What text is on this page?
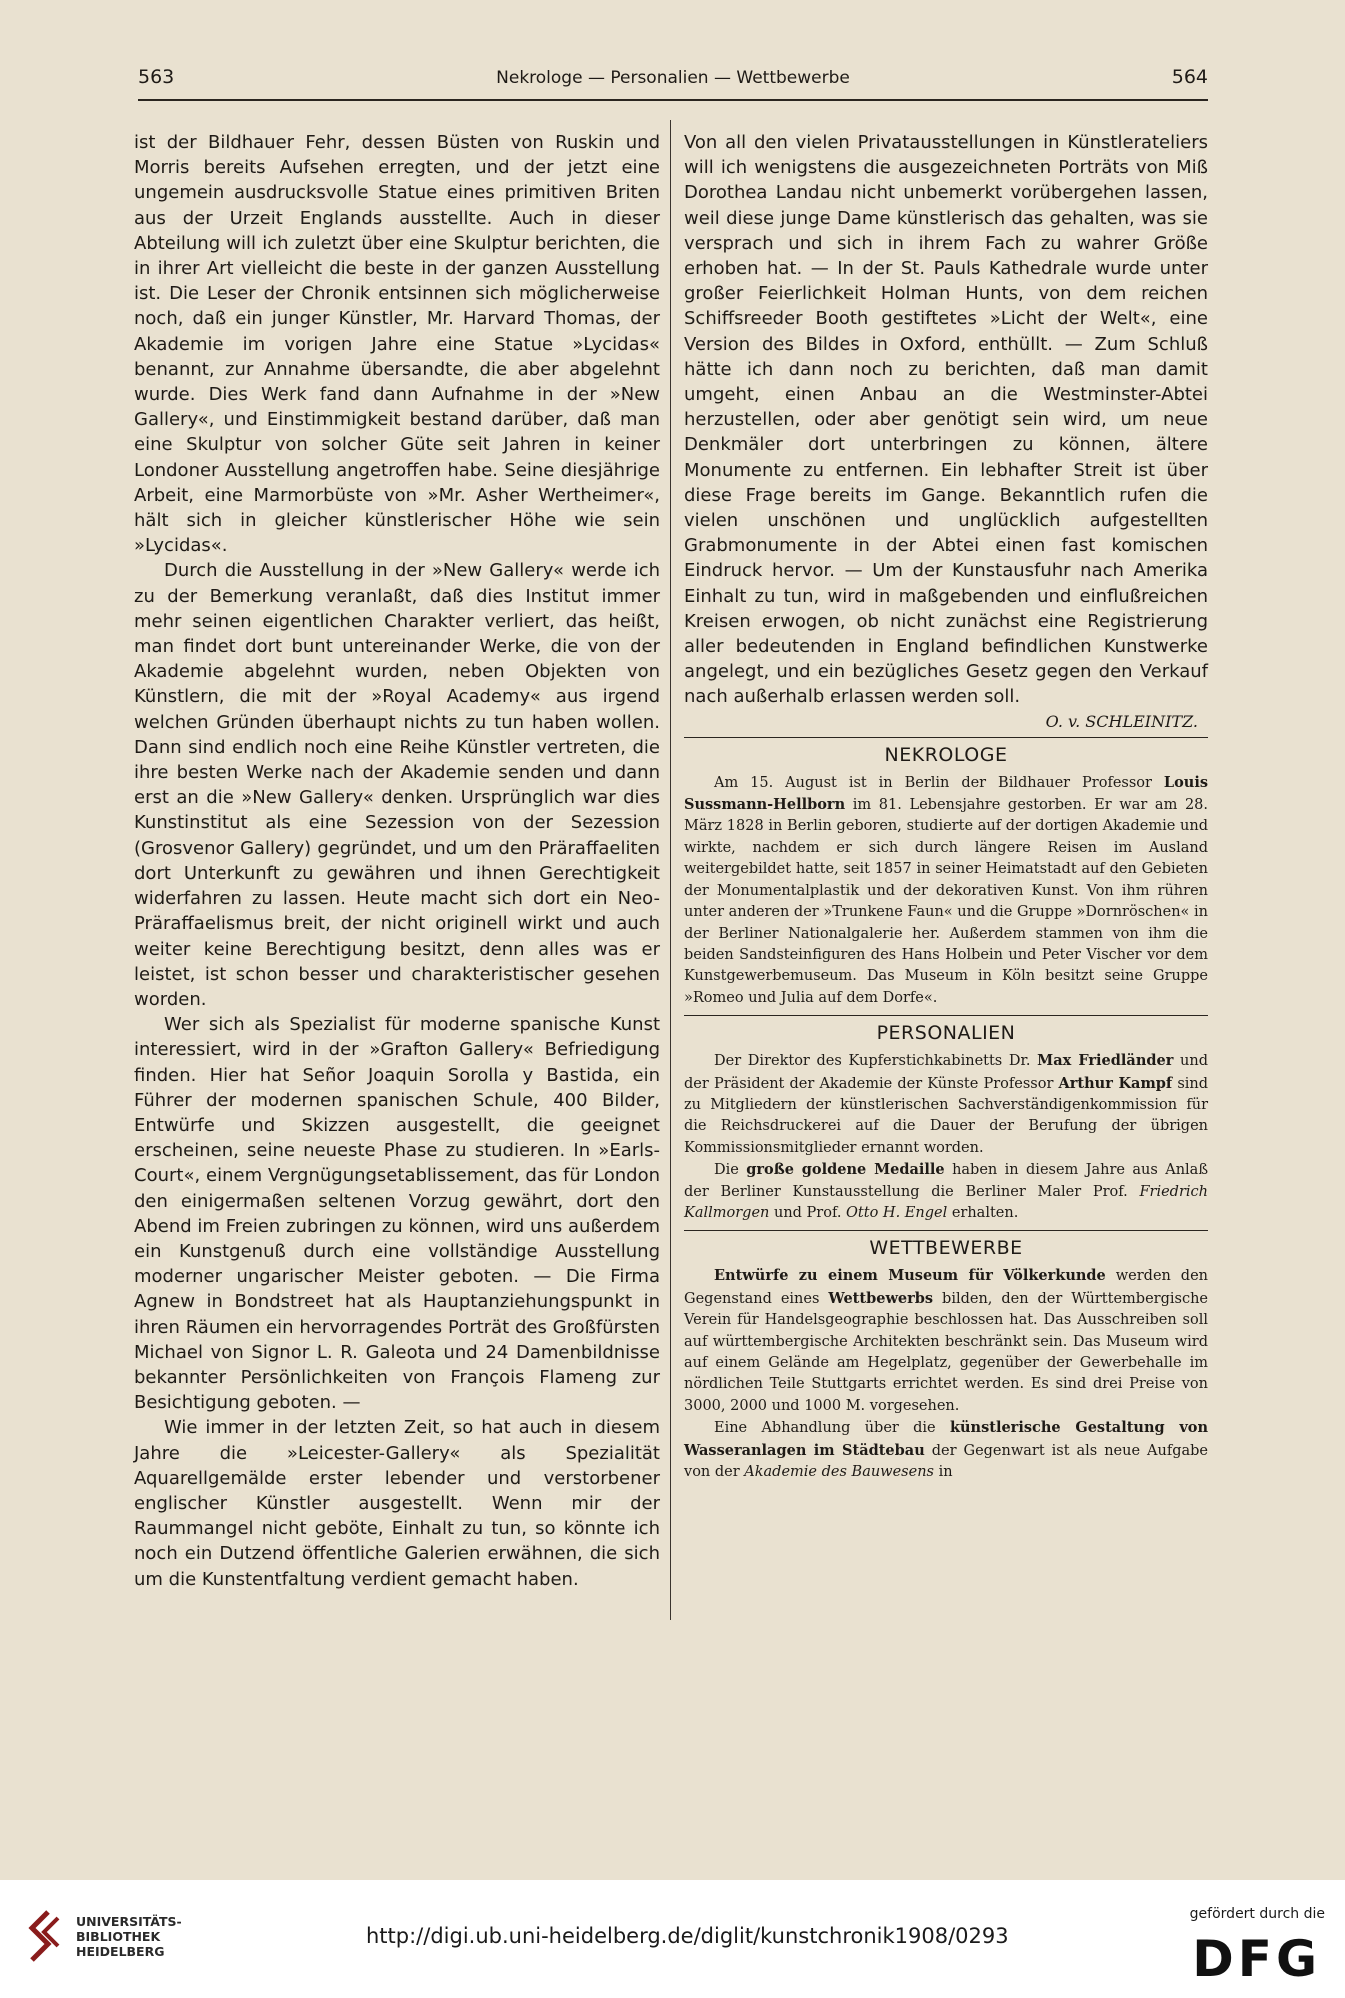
563	Nekrologe — Personalien — Wettbewerbe	564

ist der Bildhauer Fehr, dessen Büsten von Ruskin und Morris bereits Aufsehen erregten, und der jetzt eine ungemein ausdrucksvolle Statue eines primitiven Briten aus der Urzeit Englands ausstellte. Auch in dieser Abteilung will ich zuletzt über eine Skulptur berichten, die in ihrer Art vielleicht die beste in der ganzen Ausstellung ist. Die Leser der Chronik entsinnen sich möglicherweise noch, daß ein junger Künstler, Mr. Harvard Thomas, der Akademie im vorigen Jahre eine Statue »Lycidas« benannt, zur Annahme übersandte, die aber abgelehnt wurde. Dies Werk fand dann Aufnahme in der »New Gallery«, und Einstimmigkeit bestand darüber, daß man eine Skulptur von solcher Güte seit Jahren in keiner Londoner Ausstellung angetroffen habe. Seine diesjährige Arbeit, eine Marmorbüste von »Mr. Asher Wertheimer«, hält sich in gleicher künstlerischer Höhe wie sein »Lycidas«.

Durch die Ausstellung in der »New Gallery« werde ich zu der Bemerkung veranlaßt, daß dies Institut immer mehr seinen eigentlichen Charakter verliert, das heißt, man findet dort bunt untereinander Werke, die von der Akademie abgelehnt wurden, neben Objekten von Künstlern, die mit der »Royal Academy« aus irgend welchen Gründen überhaupt nichts zu tun haben wollen. Dann sind endlich noch eine Reihe Künstler vertreten, die ihre besten Werke nach der Akademie senden und dann erst an die »New Gallery« denken. Ursprünglich war dies Kunstinstitut als eine Sezession von der Sezession (Grosvenor Gallery) gegründet, und um den Präraffaeliten dort Unterkunft zu gewähren und ihnen Gerechtigkeit widerfahren zu lassen. Heute macht sich dort ein Neo-Präraffaelismus breit, der nicht originell wirkt und auch weiter keine Berechtigung besitzt, denn alles was er leistet, ist schon besser und charakteristischer gesehen worden.

Wer sich als Spezialist für moderne spanische Kunst interessiert, wird in der »Grafton Gallery« Befriedigung finden. Hier hat Señor Joaquin Sorolla y Bastida, ein Führer der modernen spanischen Schule, 400 Bilder, Entwürfe und Skizzen ausgestellt, die geeignet erscheinen, seine neueste Phase zu studieren. In »Earls-Court«, einem Vergnügungsetablissement, das für London den einigermaßen seltenen Vorzug gewährt, dort den Abend im Freien zubringen zu können, wird uns außerdem ein Kunstgenuß durch eine vollständige Ausstellung moderner ungarischer Meister geboten. — Die Firma Agnew in Bondstreet hat als Hauptanziehungspunkt in ihren Räumen ein hervorragendes Porträt des Großfürsten Michael von Signor L. R. Galeota und 24 Damenbildnisse bekannter Persönlichkeiten von François Flameng zur Besichtigung geboten. —

Wie immer in der letzten Zeit, so hat auch in diesem Jahre die »Leicester-Gallery« als Spezialität Aquarellgemälde erster lebender und verstorbener englischer Künstler ausgestellt. Wenn mir der Raummangel nicht geböte, Einhalt zu tun, so könnte ich noch ein Dutzend öffentliche Galerien erwähnen, die sich um die Kunstentfaltung verdient gemacht haben.

Von all den vielen Privatausstellungen in Künstlerateliers will ich wenigstens die ausgezeichneten Porträts von Miß Dorothea Landau nicht unbemerkt vorübergehen lassen, weil diese junge Dame künstlerisch das gehalten, was sie versprach und sich in ihrem Fach zu wahrer Größe erhoben hat. — In der St. Pauls Kathedrale wurde unter großer Feierlichkeit Holman Hunts, von dem reichen Schiffsreeder Booth gestiftetes »Licht der Welt«, eine Version des Bildes in Oxford, enthüllt. — Zum Schluß hätte ich dann noch zu berichten, daß man damit umgeht, einen Anbau an die Westminster-Abtei herzustellen, oder aber genötigt sein wird, um neue Denkmäler dort unterbringen zu können, ältere Monumente zu entfernen. Ein lebhafter Streit ist über diese Frage bereits im Gange. Bekanntlich rufen die vielen unschönen und unglücklich aufgestellten Grabmonumente in der Abtei einen fast komischen Eindruck hervor. — Um der Kunstausfuhr nach Amerika Einhalt zu tun, wird in maßgebenden und einflußreichen Kreisen erwogen, ob nicht zunächst eine Registrierung aller bedeutenden in England befindlichen Kunstwerke angelegt, und ein bezügliches Gesetz gegen den Verkauf nach außerhalb erlassen werden soll.

O. v. SCHLEINITZ.
NEKROLOGE

Am 15. August ist in Berlin der Bildhauer Professor Louis Sussmann-Hellborn im 81. Lebensjahre gestorben. Er war am 28. März 1828 in Berlin geboren, studierte auf der dortigen Akademie und wirkte, nachdem er sich durch längere Reisen im Ausland weitergebildet hatte, seit 1857 in seiner Heimatstadt auf den Gebieten der Monumentalplastik und der dekorativen Kunst. Von ihm rühren unter anderen der »Trunkene Faun« und die Gruppe »Dornröschen« in der Berliner Nationalgalerie her. Außerdem stammen von ihm die beiden Sandsteinfiguren des Hans Holbein und Peter Vischer vor dem Kunstgewerbemuseum. Das Museum in Köln besitzt seine Gruppe »Romeo und Julia auf dem Dorfe«.

PERSONALIEN

Der Direktor des Kupferstichkabinetts Dr. Max Friedländer und der Präsident der Akademie der Künste Professor Arthur Kampf sind zu Mitgliedern der künstlerischen Sachverständigenkommission für die Reichsdruckerei auf die Dauer der Berufung der übrigen Kommissionsmitglieder ernannt worden.

Die große goldene Medaille haben in diesem Jahre aus Anlaß der Berliner Kunstausstellung die Berliner Maler Prof. Friedrich Kallmorgen und Prof. Otto H. Engel erhalten.

WETTBEWERBE

Entwürfe zu einem Museum für Völkerkunde werden den Gegenstand eines Wettbewerbs bilden, den der Württembergische Verein für Handelsgeographie beschlossen hat. Das Ausschreiben soll auf württembergische Architekten beschränkt sein. Das Museum wird auf einem Gelände am Hegelplatz, gegenüber der Gewerbehalle im nördlichen Teile Stuttgarts errichtet werden. Es sind drei Preise von 3000, 2000 und 1000 M. vorgesehen.

Eine Abhandlung über die künstlerische Gestaltung von Wasseranlagen im Städtebau der Gegenwart ist als neue Aufgabe von der Akademie des Bauwesens in

UNIVERSITÄTS-
BIBLIOTHEK
HEIDELBERG
http://digi.ub.uni-heidelberg.de/diglit/kunstchronik1908/0293
gefördert durch die
DFG
